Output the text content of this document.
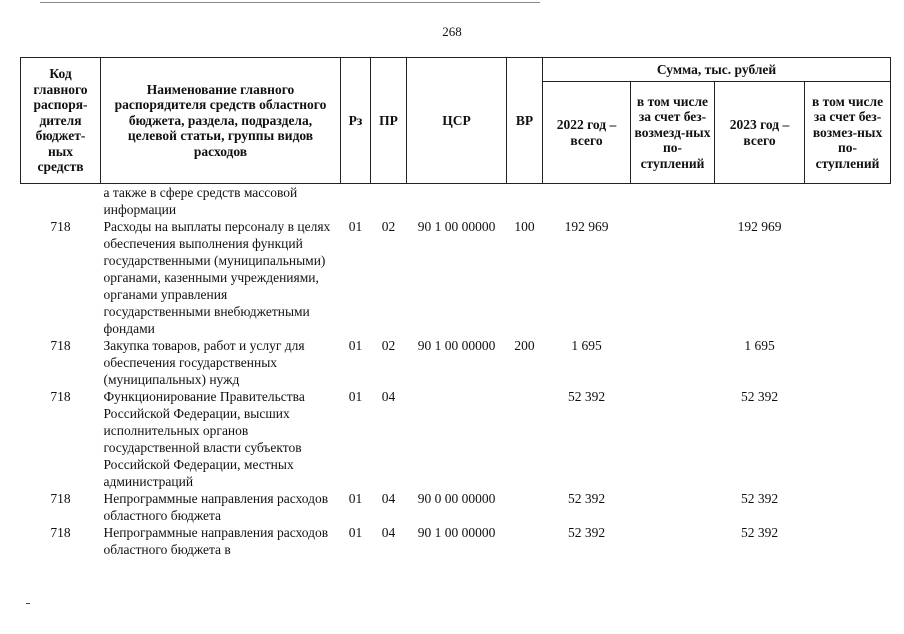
268
Код главного распоря-дителя бюджет-ных средств	Наименование главного распорядителя средств областного бюджета, раздела, подраздела, целевой статьи, группы видов расходов	Рз	ПР	ЦСР	ВР	Сумма, тыс. рублей			
						2022 год – всего	в том числе за счет без-возмезд-ных по-ступлений	2023 год – всего	в том числе за счет без-возмез-ных по-ступлений
	а также в сфере средств массовой информации								
718	Расходы на выплаты персоналу в целях обеспечения выполнения функций государственными (муниципальными) органами, казенными учреждениями, органами управления государственными внебюджетными фондами	01	02	90 1 00 00000	100	192 969		192 969	
718	Закупка товаров, работ и услуг для обеспечения государственных (муниципальных) нужд	01	02	90 1 00 00000	200	1 695		1 695	
718	Функционирование Правительства Российской Федерации, высших исполнительных органов государственной власти субъектов Российской Федерации, местных администраций	01	04			52 392		52 392	
718	Непрограммные направления расходов областного бюджета	01	04	90 0 00 00000		52 392		52 392	
718	Непрограммные направления расходов областного бюджета в	01	04	90 1 00 00000		52 392		52 392	
